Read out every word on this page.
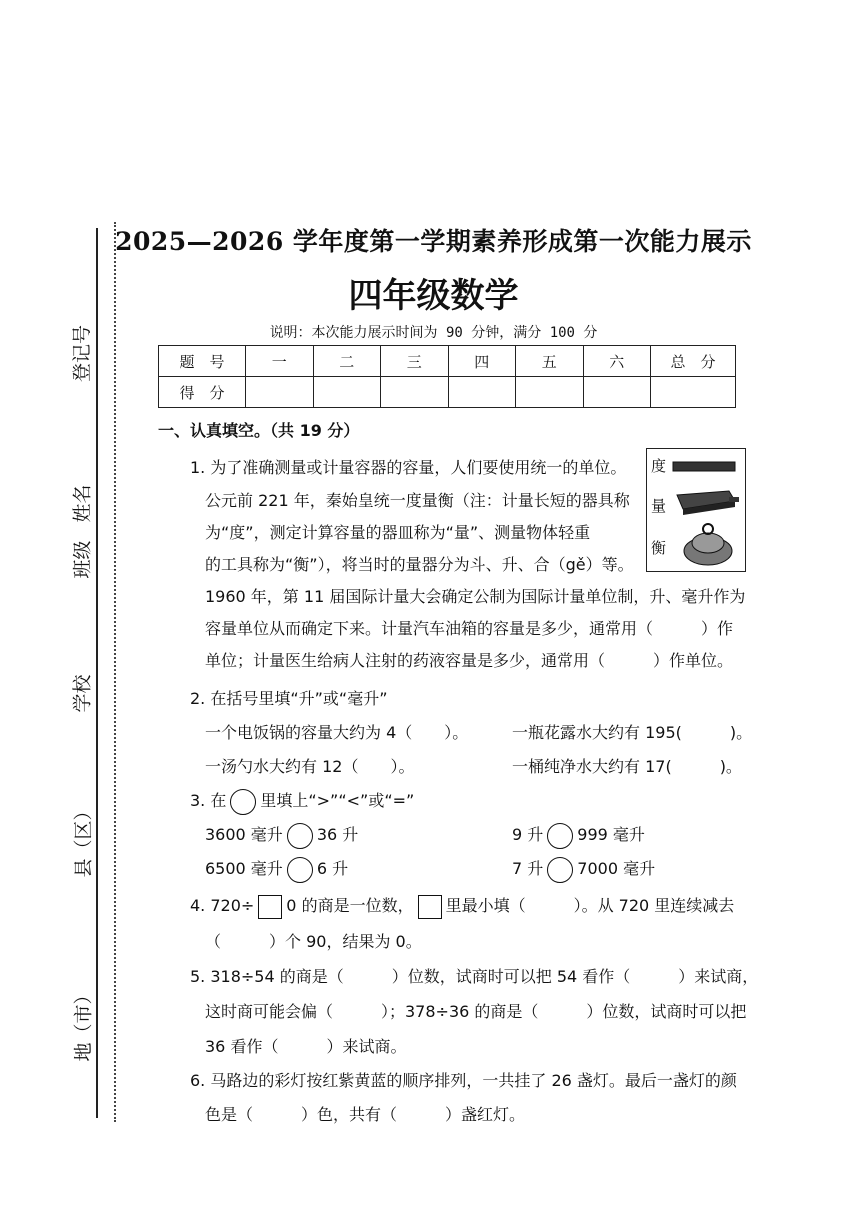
登记号
姓名
班级
学校
县（区）
地（市）
2025—2026 学年度第一学期素养形成第一次能力展示
四年级数学
说明：本次能力展示时间为 90 分钟，满分 100 分
题　号	一	二	三	四	五	六	总　分
得　分							
一、认真填空。（共 19 分）
1. 为了准确测量或计量容器的容量，人们要使用统一的单位。
公元前 221 年，秦始皇统一度量衡（注：计量长短的器具称
为“度”，测定计算容量的器皿称为“量”、测量物体轻重
的工具称为“衡”），将当时的量器分为斗、升、合（gě）等。
1960 年，第 11 届国际计量大会确定公制为国际计量单位制，升、毫升作为
容量单位从而确定下来。计量汽车油箱的容量是多少，通常用（　　　）作
单位；计量医生给病人注射的药液容量是多少，通常用（　　　）作单位。
度
量
衡
2. 在括号里填“升”或“毫升”
一个电饭锅的容量大约为 4（　　）。	一瓶花露水大约有 195(　　　)。
一汤勺水大约有 12（　　）。	一桶纯净水大约有 17(　　　)。
3. 在 里填上“>”“<”或“=”
3600 毫升 36 升	9 升 999 毫升
6500 毫升 6 升	7 升 7000 毫升
4. 720÷ 0 的商是一位数， 里最小填（　　　）。从 720 里连续减去
（　　　）个 90，结果为 0。
5. 318÷54 的商是（　　　）位数，试商时可以把 54 看作（　　　）来试商，
这时商可能会偏（　　　）；378÷36 的商是（　　　）位数，试商时可以把
36 看作（　　　）来试商。
6. 马路边的彩灯按红紫黄蓝的顺序排列，一共挂了 26 盏灯。最后一盏灯的颜
色是（　　　）色，共有（　　　）盏红灯。
